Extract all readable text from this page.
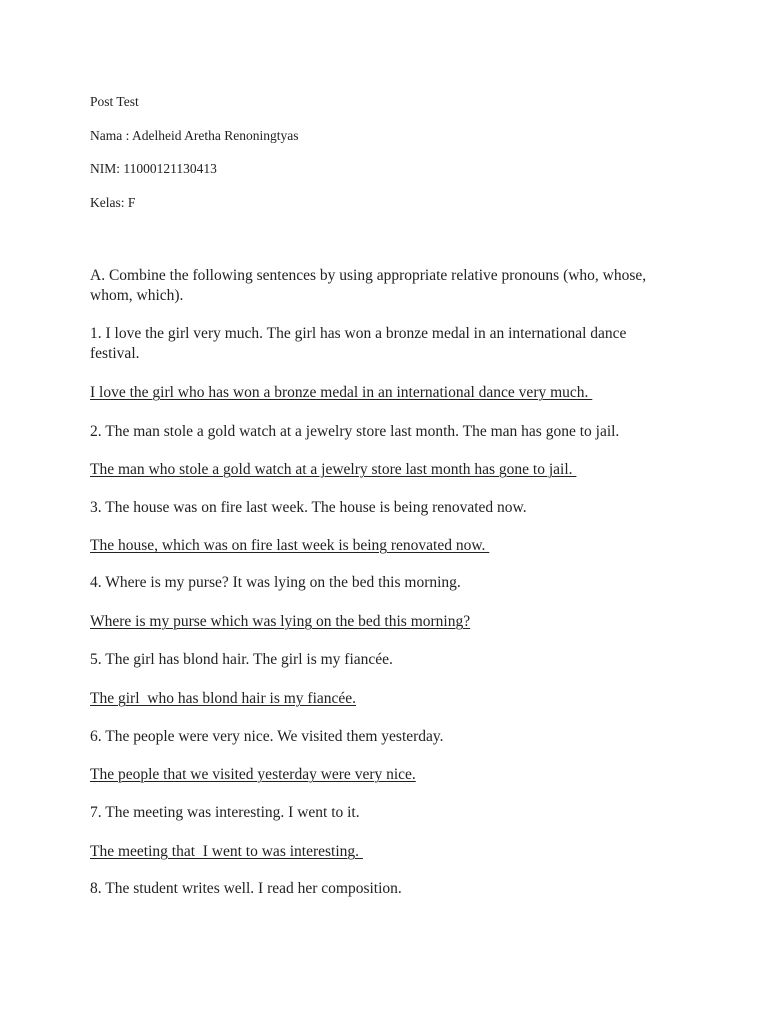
Post Test
Nama : Adelheid Aretha Renoningtyas
NIM: 11000121130413
Kelas: F
A. Combine the following sentences by using appropriate relative pronouns (who, whose, whom, which).
1. I love the girl very much. The girl has won a bronze medal in an international dance festival.
I love the girl who has won a bronze medal in an international dance very much.
2. The man stole a gold watch at a jewelry store last month. The man has gone to jail.
The man who stole a gold watch at a jewelry store last month has gone to jail.
3. The house was on fire last week. The house is being renovated now.
The house, which was on fire last week is being renovated now.
4. Where is my purse? It was lying on the bed this morning.
Where is my purse which was lying on the bed this morning?
5. The girl has blond hair. The girl is my fiancée.
The girl  who has blond hair is my fiancée.
6. The people were very nice. We visited them yesterday.
The people that we visited yesterday were very nice.
7. The meeting was interesting. I went to it.
The meeting that  I went to was interesting.
8. The student writes well. I read her composition.
